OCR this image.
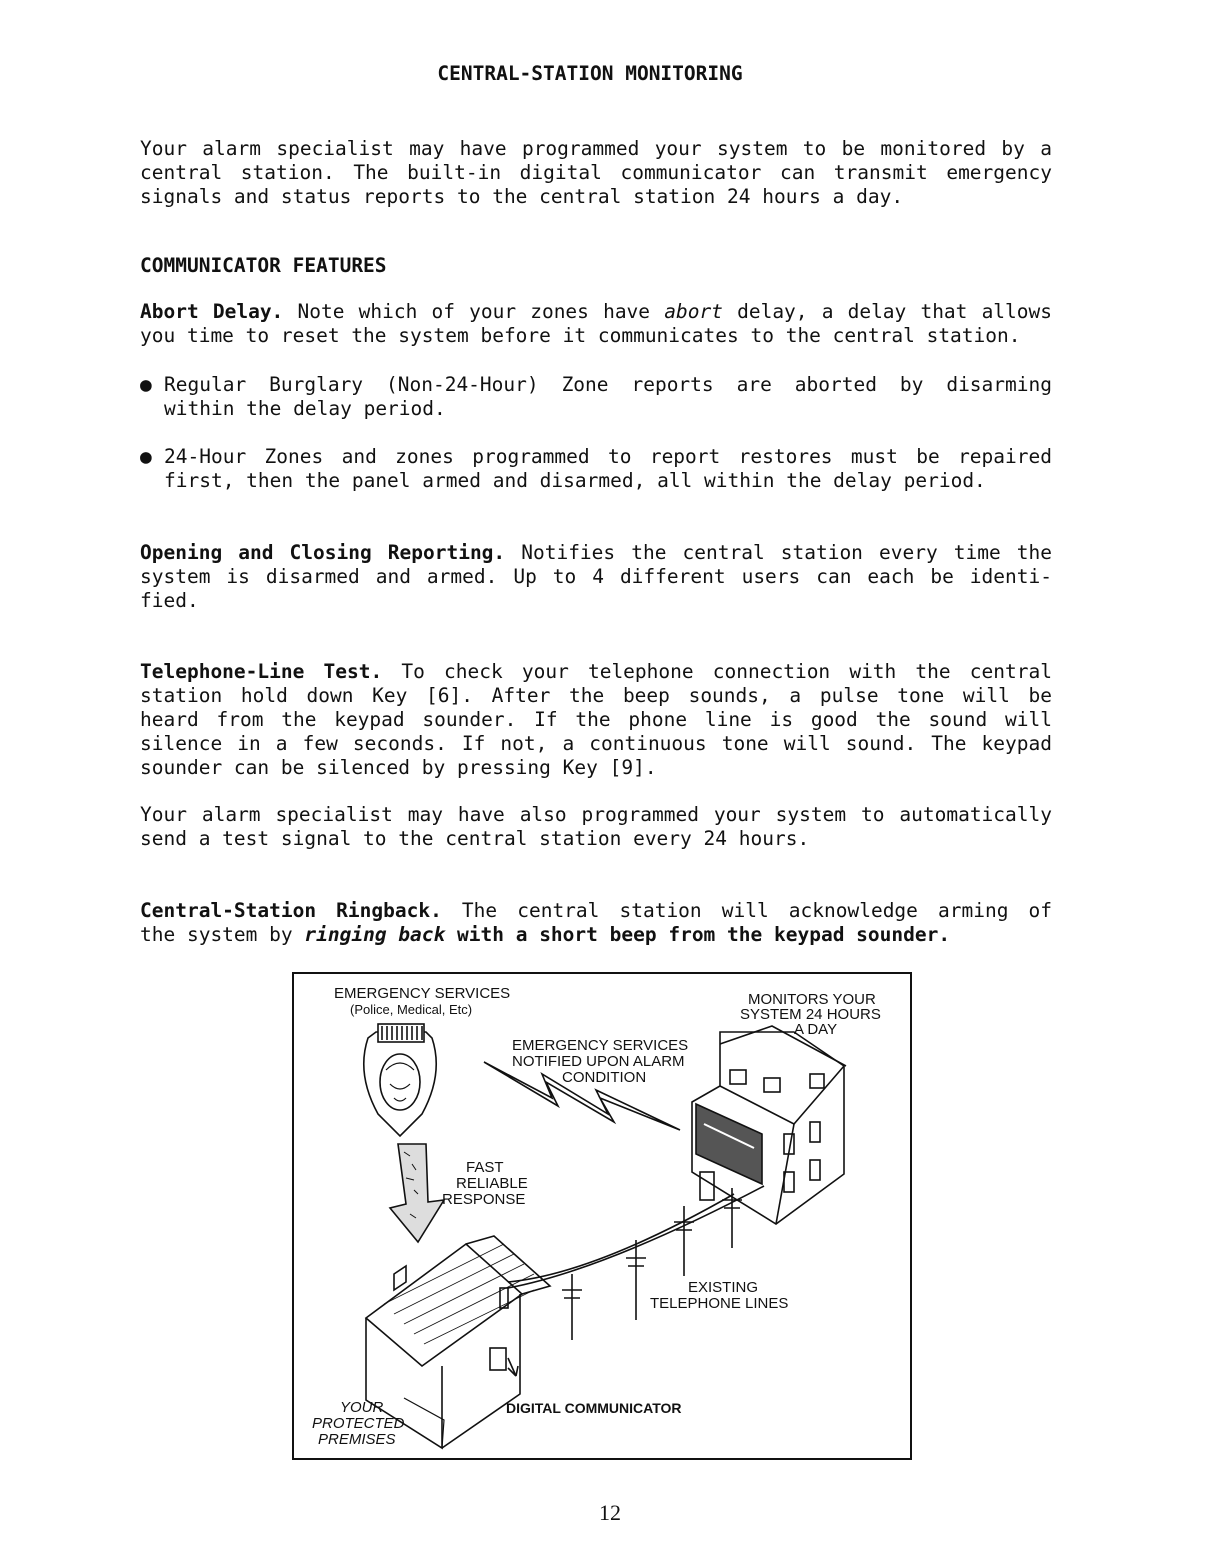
CENTRAL-STATION MONITORING
Your alarm specialist may have programmed your system to be monitored by a
central station. The built-in digital communicator can transmit emergency
signals and status reports to the central station 24 hours a day.
COMMUNICATOR FEATURES
Abort Delay. Note which of your zones have abort delay, a delay that allows
you time to reset the system before it communicates to the central station.
● Regular Burglary (Non-24-Hour) Zone reports are aborted by disarming
within the delay period.
● 24-Hour Zones and zones programmed to report restores must be repaired
first, then the panel armed and disarmed, all within the delay period.
Opening and Closing Reporting. Notifies the central station every time the
system is disarmed and armed. Up to 4 different users can each be identi-
fied.
Telephone-Line Test. To check your telephone connection with the central
station hold down Key [6]. After the beep sounds, a pulse tone will be
heard from the keypad sounder. If the phone line is good the sound will
silence in a few seconds. If not, a continuous tone will sound. The keypad
sounder can be silenced by pressing Key [9].
Your alarm specialist may have also programmed your system to automatically
send a test signal to the central station every 24 hours.
Central-Station Ringback. The central station will acknowledge arming of
the system by ringing back with a short beep from the keypad sounder.
EMERGENCY SERVICES
(Police, Medical, Etc)
MONITORS YOUR
SYSTEM 24 HOURS
A DAY
EMERGENCY SERVICES
NOTIFIED UPON ALARM
CONDITION
FAST
RELIABLE
RESPONSE
EXISTING
TELEPHONE LINES
DIGITAL COMMUNICATOR
YOUR
PROTECTED
PREMISES
12
